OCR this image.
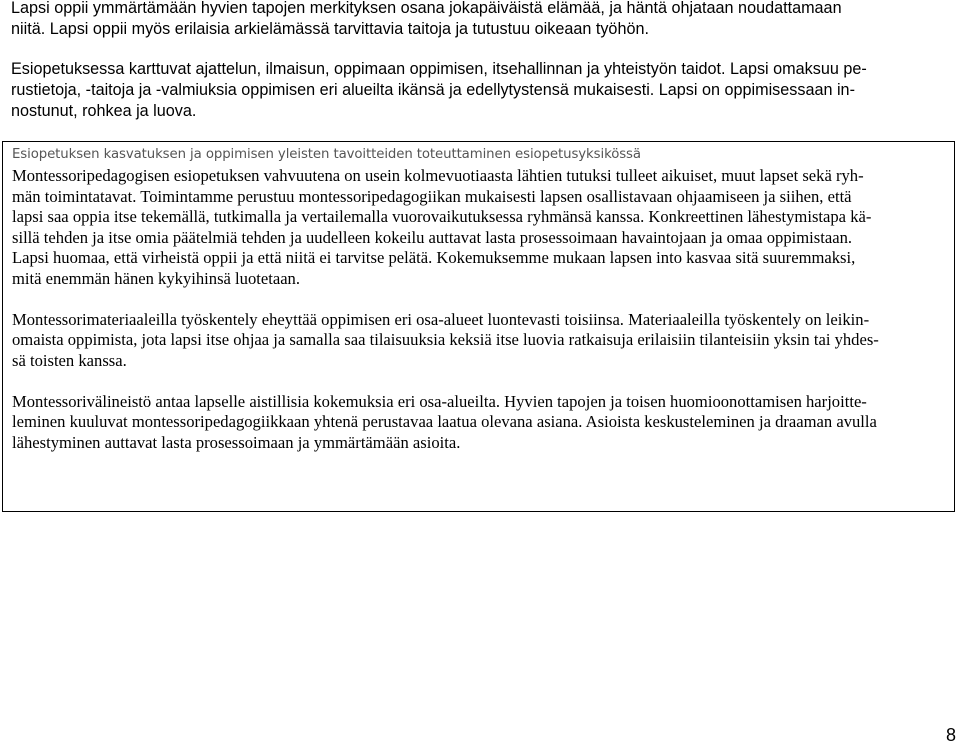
Lapsi oppii ymmärtämään hyvien tapojen merkityksen osana jokapäiväistä elämää, ja häntä ohjataan noudattamaan
niitä. Lapsi oppii myös erilaisia arkielämässä tarvittavia taitoja ja tutustuu oikeaan työhön.
Esiopetuksessa karttuvat ajattelun, ilmaisun, oppimaan oppimisen, itsehallinnan ja yhteistyön taidot. Lapsi omaksuu pe-
rustietoja, -taitoja ja -valmiuksia oppimisen eri alueilta ikänsä ja edellytystensä mukaisesti. Lapsi on oppimisessaan in-
nostunut, rohkea ja luova.
Esiopetuksen kasvatuksen ja oppimisen yleisten tavoitteiden toteuttaminen esiopetusyksikössä
Montessoripedagogisen esiopetuksen vahvuutena on usein kolmevuotiaasta lähtien tutuksi tulleet aikuiset, muut lapset sekä ryh-
män toimintatavat. Toimintamme perustuu montessoripedagogiikan mukaisesti lapsen osallistavaan ohjaamiseen ja siihen, että
lapsi saa oppia itse tekemällä, tutkimalla ja vertailemalla vuorovaikutuksessa ryhmänsä kanssa. Konkreettinen lähestymistapa kä-
sillä tehden ja itse omia päätelmiä tehden ja uudelleen kokeilu auttavat lasta prosessoimaan havaintojaan ja omaa oppimistaan.
Lapsi huomaa, että virheistä oppii ja että niitä ei tarvitse pelätä. Kokemuksemme mukaan lapsen into kasvaa sitä suuremmaksi,
mitä enemmän hänen kykyihinsä luotetaan.
Montessorimateriaaleilla työskentely eheyttää oppimisen eri osa-alueet luontevasti toisiinsa. Materiaaleilla työskentely on leikin-
omaista oppimista, jota lapsi itse ohjaa ja samalla saa tilaisuuksia keksiä itse luovia ratkaisuja erilaisiin tilanteisiin yksin tai yhdes-
sä toisten kanssa.
Montessorivälineistö antaa lapselle aistillisia kokemuksia eri osa-alueilta. Hyvien tapojen ja toisen huomioonottamisen harjoitte-
leminen kuuluvat montessoripedagogiikkaan yhtenä perustavaa laatua olevana asiana. Asioista keskusteleminen ja draaman avulla
lähestyminen auttavat lasta prosessoimaan ja ymmärtämään asioita.
8
